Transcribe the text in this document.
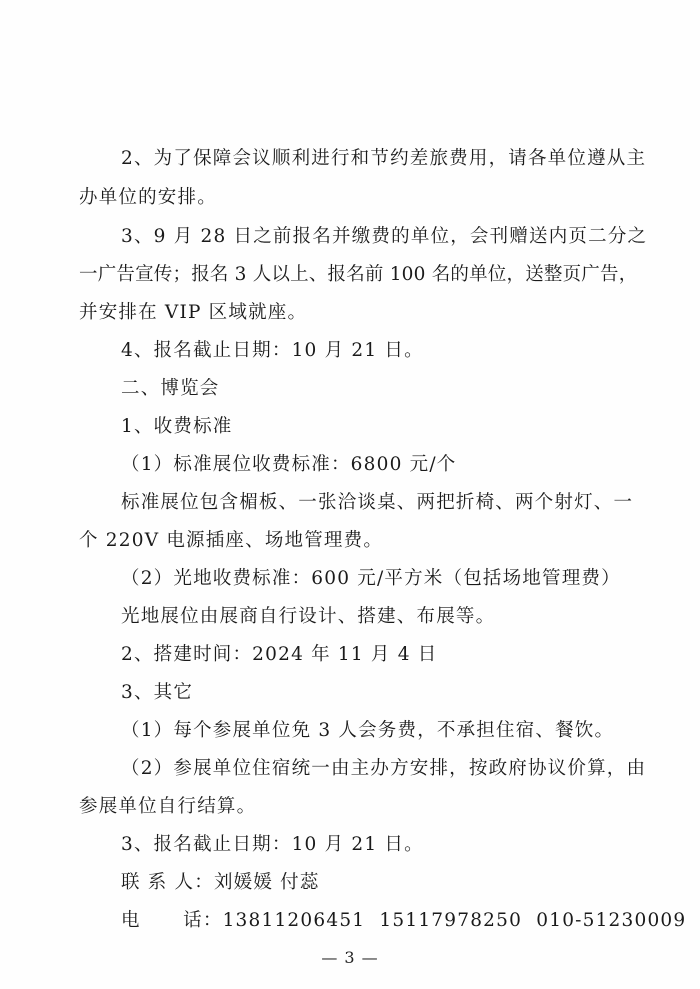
2、为了保障会议顺利进行和节约差旅费用，请各单位遵从主
办单位的安排。
3、9 月 28 日之前报名并缴费的单位，会刊赠送内页二分之
一广告宣传；报名 3 人以上、报名前 100 名的单位，送整页广告，
并安排在 VIP 区域就座。
4、报名截止日期：10 月 21 日。
二、博览会
1、收费标准
（1）标准展位收费标准：6800 元/个
标准展位包含楣板、一张洽谈桌、两把折椅、两个射灯、一
个 220V 电源插座、场地管理费。
（2）光地收费标准：600 元/平方米（包括场地管理费）
光地展位由展商自行设计、搭建、布展等。
2、搭建时间：2024 年 11 月 4 日
3、其它
（1）每个参展单位免 3 人会务费，不承担住宿、餐饮。
（2）参展单位住宿统一由主办方安排，按政府协议价算，由
参展单位自行结算。
3、报名截止日期：10 月 21 日。
联 系 人：刘媛媛 付蕊
电      话：13811206451  15117978250  010-51230009
— 3 —
